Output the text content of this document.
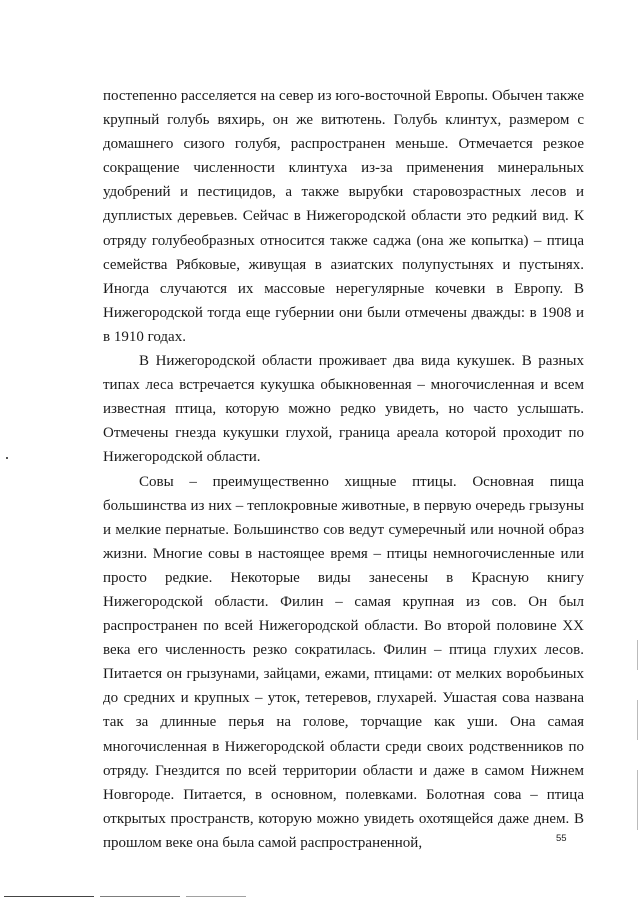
постепенно расселяется на север из юго-восточной Европы. Обычен также крупный голубь вяхирь, он же витютень. Голубь клинтух, размером с домашнего сизого голубя, распространен меньше. Отмечается резкое сокращение численности клинтуха из-за применения минеральных удобрений и пестицидов, а также вырубки старовозрастных лесов и дуплистых деревьев. Сейчас в Нижегородской области это редкий вид. К отряду голубеобразных относится также саджа (она же копытка) – птица семейства Рябковые, живущая в азиатских полупустынях и пустынях. Иногда случаются их массовые нерегулярные кочевки в Европу. В Нижегородской тогда еще губернии они были отмечены дважды: в 1908 и в 1910 годах.

В Нижегородской области проживает два вида кукушек. В разных типах леса встречается кукушка обыкновенная – многочисленная и всем известная птица, которую можно редко увидеть, но часто услышать. Отмечены гнезда кукушки глухой, граница ареала которой проходит по Нижегородской области.

Совы – преимущественно хищные птицы. Основная пища большинства из них – теплокровные животные, в первую очередь грызуны и мелкие пернатые. Большинство сов ведут сумеречный или ночной образ жизни. Многие совы в настоящее время – птицы немногочисленные или просто редкие. Некоторые виды занесены в Красную книгу Нижегородской области. Филин – самая крупная из сов. Он был распространен по всей Нижегородской области. Во второй половине XX века его численность резко сократилась. Филин – птица глухих лесов. Питается он грызунами, зайцами, ежами, птицами: от мелких воробьиных до средних и крупных – уток, тетеревов, глухарей. Ушастая сова названа так за длинные перья на голове, торчащие как уши. Она самая многочисленная в Нижегородской области среди своих родственников по отряду. Гнездится по всей территории области и даже в самом Нижнем Новгороде. Питается, в основном, полевками. Болотная сова – птица открытых пространств, которую можно увидеть охотящейся даже днем. В прошлом веке она была самой распространенной,	55
